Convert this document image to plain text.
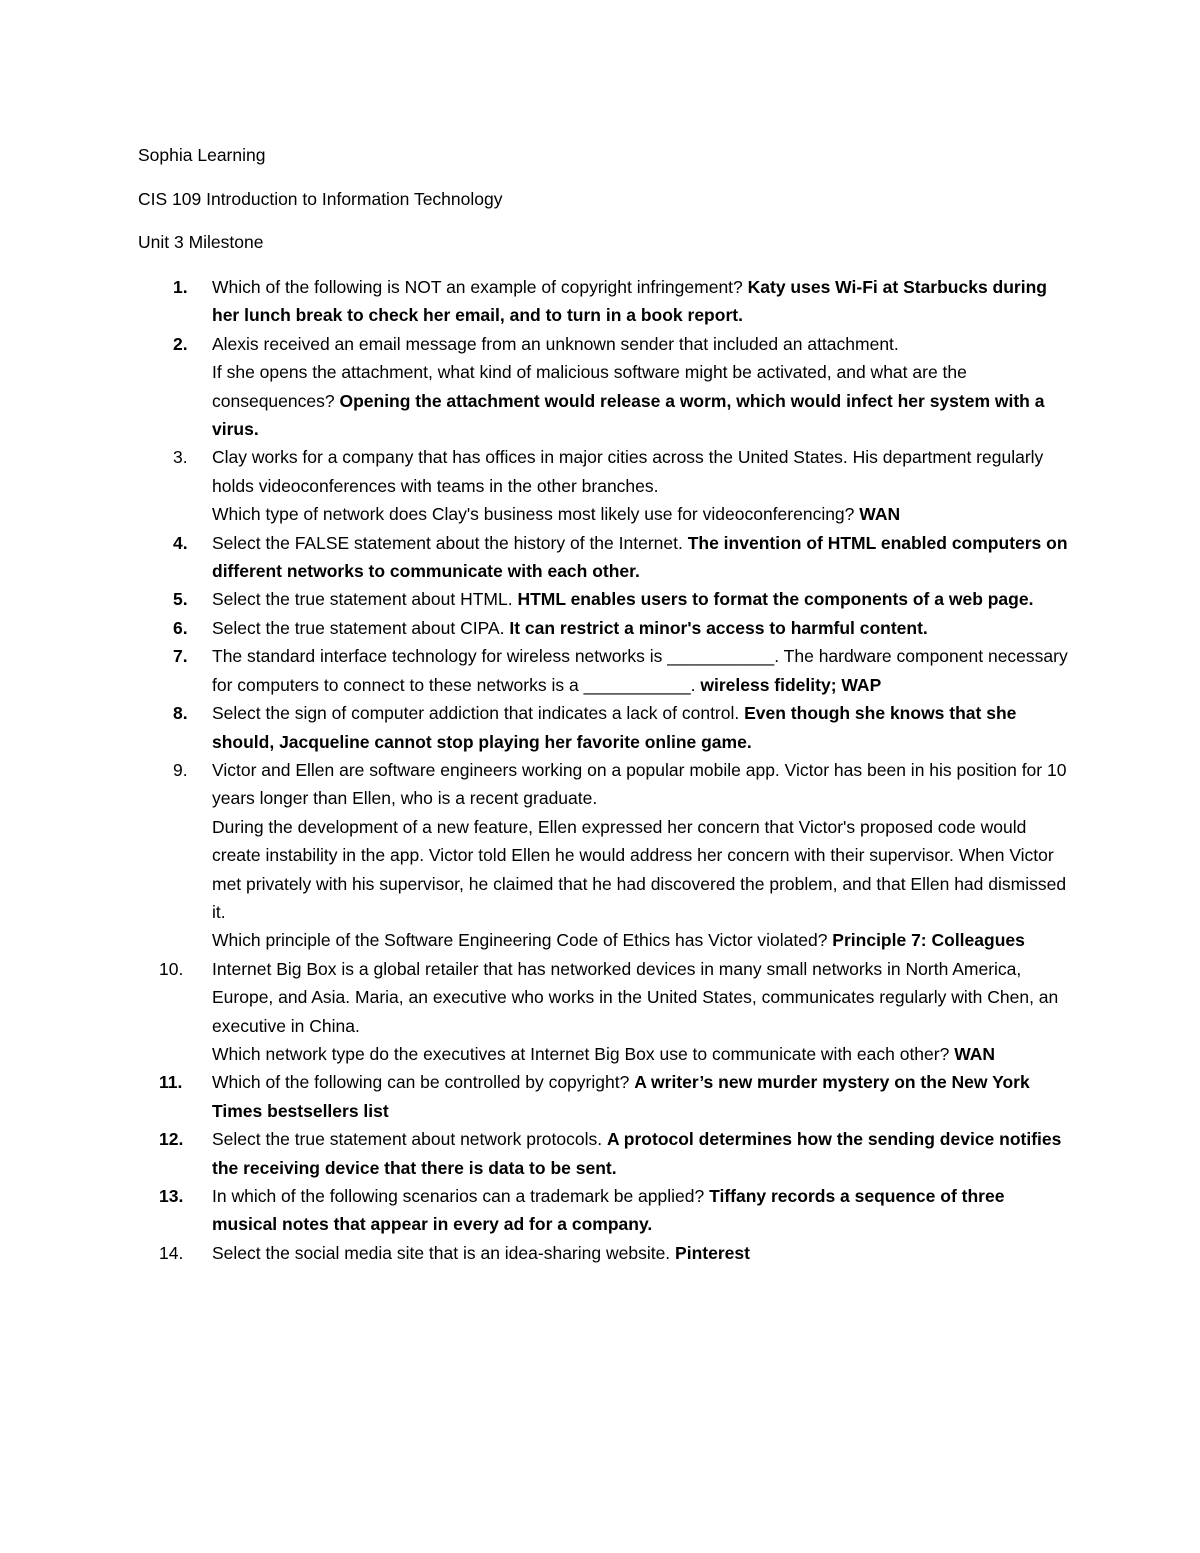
Sophia Learning
CIS 109 Introduction to Information Technology
Unit 3 Milestone
1.	Which of the following is NOT an example of copyright infringement? Katy uses Wi-Fi at Starbucks during her lunch break to check her email, and to turn in a book report.
2.	Alexis received an email message from an unknown sender that included an attachment.
If she opens the attachment, what kind of malicious software might be activated, and what are the consequences? Opening the attachment would release a worm, which would infect her system with a virus.
3.	Clay works for a company that has offices in major cities across the United States. His department regularly holds videoconferences with teams in the other branches.
Which type of network does Clay's business most likely use for videoconferencing? WAN
4.	Select the FALSE statement about the history of the Internet. The invention of HTML enabled computers on different networks to communicate with each other.
5.	Select the true statement about HTML. HTML enables users to format the components of a web page.
6.	Select the true statement about CIPA. It can restrict a minor's access to harmful content.
7.	The standard interface technology for wireless networks is ___________. The hardware component necessary for computers to connect to these networks is a ___________. wireless fidelity; WAP
8.	Select the sign of computer addiction that indicates a lack of control. Even though she knows that she should, Jacqueline cannot stop playing her favorite online game.
9.	Victor and Ellen are software engineers working on a popular mobile app. Victor has been in his position for 10 years longer than Ellen, who is a recent graduate.
During the development of a new feature, Ellen expressed her concern that Victor's proposed code would create instability in the app. Victor told Ellen he would address her concern with their supervisor. When Victor met privately with his supervisor, he claimed that he had discovered the problem, and that Ellen had dismissed it.
Which principle of the Software Engineering Code of Ethics has Victor violated? Principle 7: Colleagues
10.	Internet Big Box is a global retailer that has networked devices in many small networks in North America, Europe, and Asia. Maria, an executive who works in the United States, communicates regularly with Chen, an executive in China.
Which network type do the executives at Internet Big Box use to communicate with each other? WAN
11.	Which of the following can be controlled by copyright? A writer’s new murder mystery on the New York Times bestsellers list
12.	Select the true statement about network protocols. A protocol determines how the sending device notifies the receiving device that there is data to be sent.
13.	In which of the following scenarios can a trademark be applied? Tiffany records a sequence of three musical notes that appear in every ad for a company.
14.	Select the social media site that is an idea-sharing website. Pinterest
